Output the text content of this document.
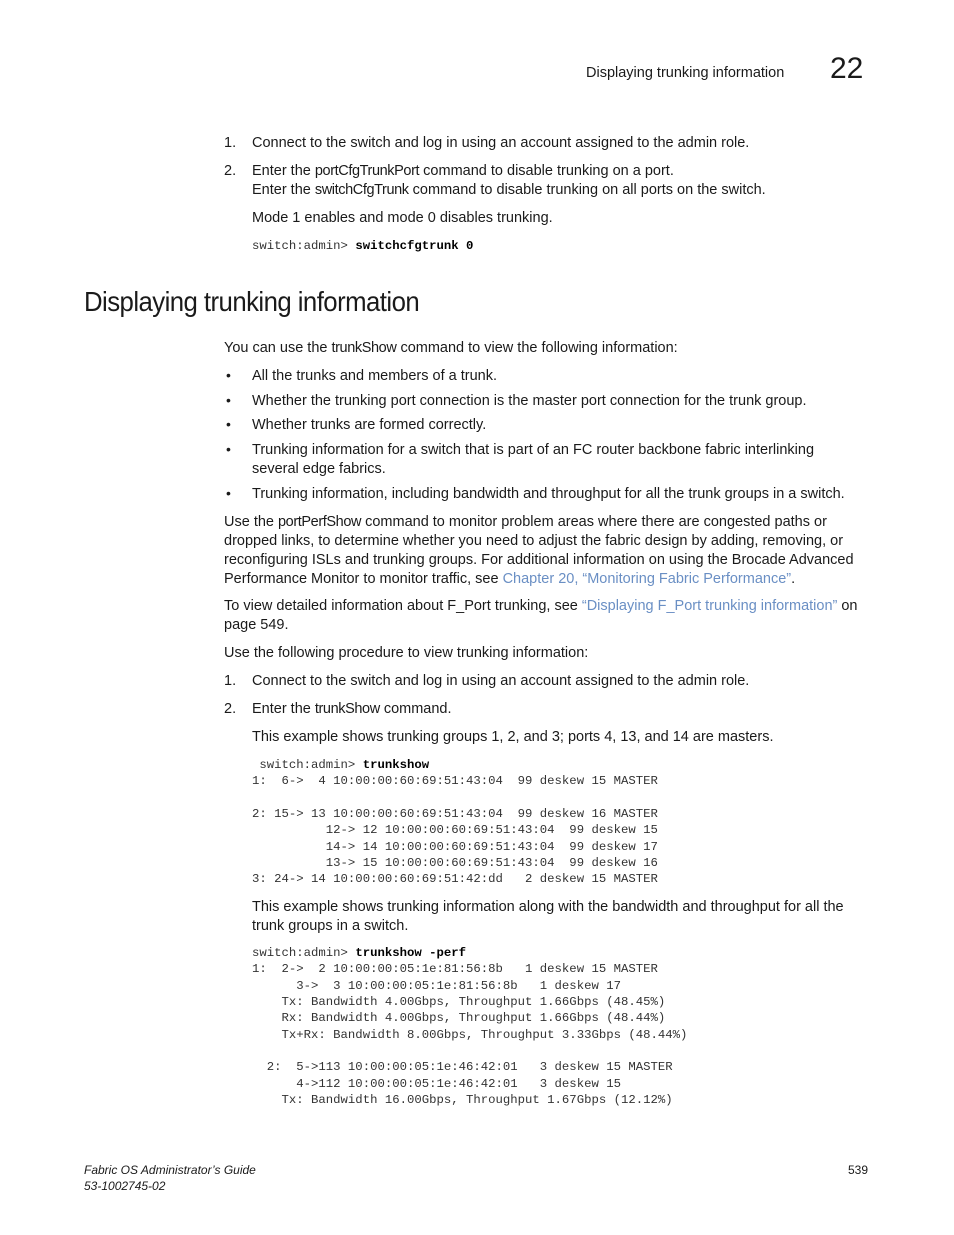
Displaying trunking information 22
1. Connect to the switch and log in using an account assigned to the admin role.
2. Enter the portCfgTrunkPort command to disable trunking on a port.
Enter the switchCfgTrunk command to disable trunking on all ports on the switch.
Mode 1 enables and mode 0 disables trunking.
switch:admin> switchcfgtrunk 0
Displaying trunking information
You can use the trunkShow command to view the following information:
• All the trunks and members of a trunk.
• Whether the trunking port connection is the master port connection for the trunk group.
• Whether trunks are formed correctly.
• Trunking information for a switch that is part of an FC router backbone fabric interlinking
several edge fabrics.
• Trunking information, including bandwidth and throughput for all the trunk groups in a switch.
Use the portPerfShow command to monitor problem areas where there are congested paths or
dropped links, to determine whether you need to adjust the fabric design by adding, removing, or
reconfiguring ISLs and trunking groups. For additional information on using the Brocade Advanced
Performance Monitor to monitor traffic, see Chapter 20, “Monitoring Fabric Performance”.
To view detailed information about F_Port trunking, see “Displaying F_Port trunking information” on
page 549.
Use the following procedure to view trunking information:
1. Connect to the switch and log in using an account assigned to the admin role.
2. Enter the trunkShow command.
This example shows trunking groups 1, 2, and 3; ports 4, 13, and 14 are masters.
switch:admin> trunkshow
1:  6->  4 10:00:00:60:69:51:43:04  99 deskew 15 MASTER

2: 15-> 13 10:00:00:60:69:51:43:04  99 deskew 16 MASTER
12-> 12 10:00:00:60:69:51:43:04  99 deskew 15
14-> 14 10:00:00:60:69:51:43:04  99 deskew 17
13-> 15 10:00:00:60:69:51:43:04  99 deskew 16
3: 24-> 14 10:00:00:60:69:51:42:dd   2 deskew 15 MASTER
This example shows trunking information along with the bandwidth and throughput for all the
trunk groups in a switch.
switch:admin> trunkshow -perf
1:  2->  2 10:00:00:05:1e:81:56:8b   1 deskew 15 MASTER
3->  3 10:00:00:05:1e:81:56:8b   1 deskew 17
Tx: Bandwidth 4.00Gbps, Throughput 1.66Gbps (48.45%)
Rx: Bandwidth 4.00Gbps, Throughput 1.66Gbps (48.44%)
Tx+Rx: Bandwidth 8.00Gbps, Throughput 3.33Gbps (48.44%)

2:  5->113 10:00:00:05:1e:46:42:01   3 deskew 15 MASTER
4->112 10:00:00:05:1e:46:42:01   3 deskew 15
Tx: Bandwidth 16.00Gbps, Throughput 1.67Gbps (12.12%)
Fabric OS Administrator’s Guide
53-1002745-02
539
